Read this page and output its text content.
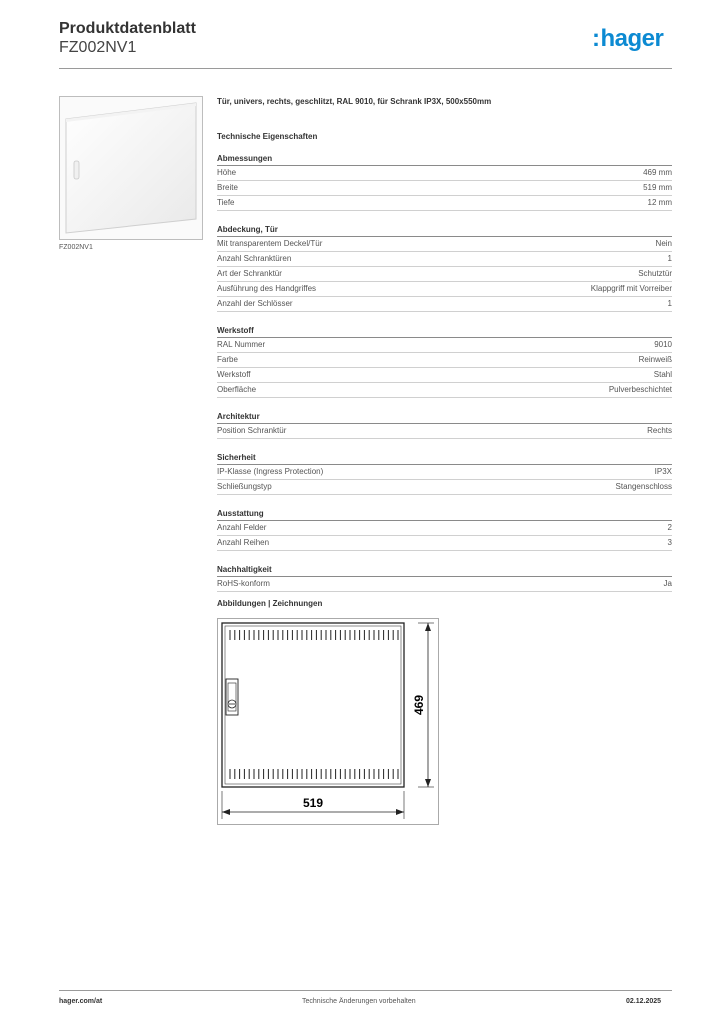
Produktdatenblatt
FZ002NV1	:hager
FZ002NV1
Tür, univers, rechts, geschlitzt, RAL 9010, für Schrank IP3X, 500x550mm
Technische Eigenschaften
Abmessungen
Höhe	469 mm
Breite	519 mm
Tiefe	12 mm
Abdeckung, Tür
Mit transparentem Deckel/Tür	Nein
Anzahl Schranktüren	1
Art der Schranktür	Schutztür
Ausführung des Handgriffes	Klappgriff mit Vorreiber
Anzahl der Schlösser	1
Werkstoff
RAL Nummer	9010
Farbe	Reinweiß
Werkstoff	Stahl
Oberfläche	Pulverbeschichtet
Architektur
Position Schranktür	Rechts
Sicherheit
IP-Klasse (Ingress Protection)	IP3X
Schließungstyp	Stangenschloss
Ausstattung
Anzahl Felder	2
Anzahl Reihen	3
Nachhaltigkeit
RoHS-konform	Ja
Abbildungen | Zeichnungen
469
519
hager.com/at	Technische Änderungen vorbehalten	02.12.2025
